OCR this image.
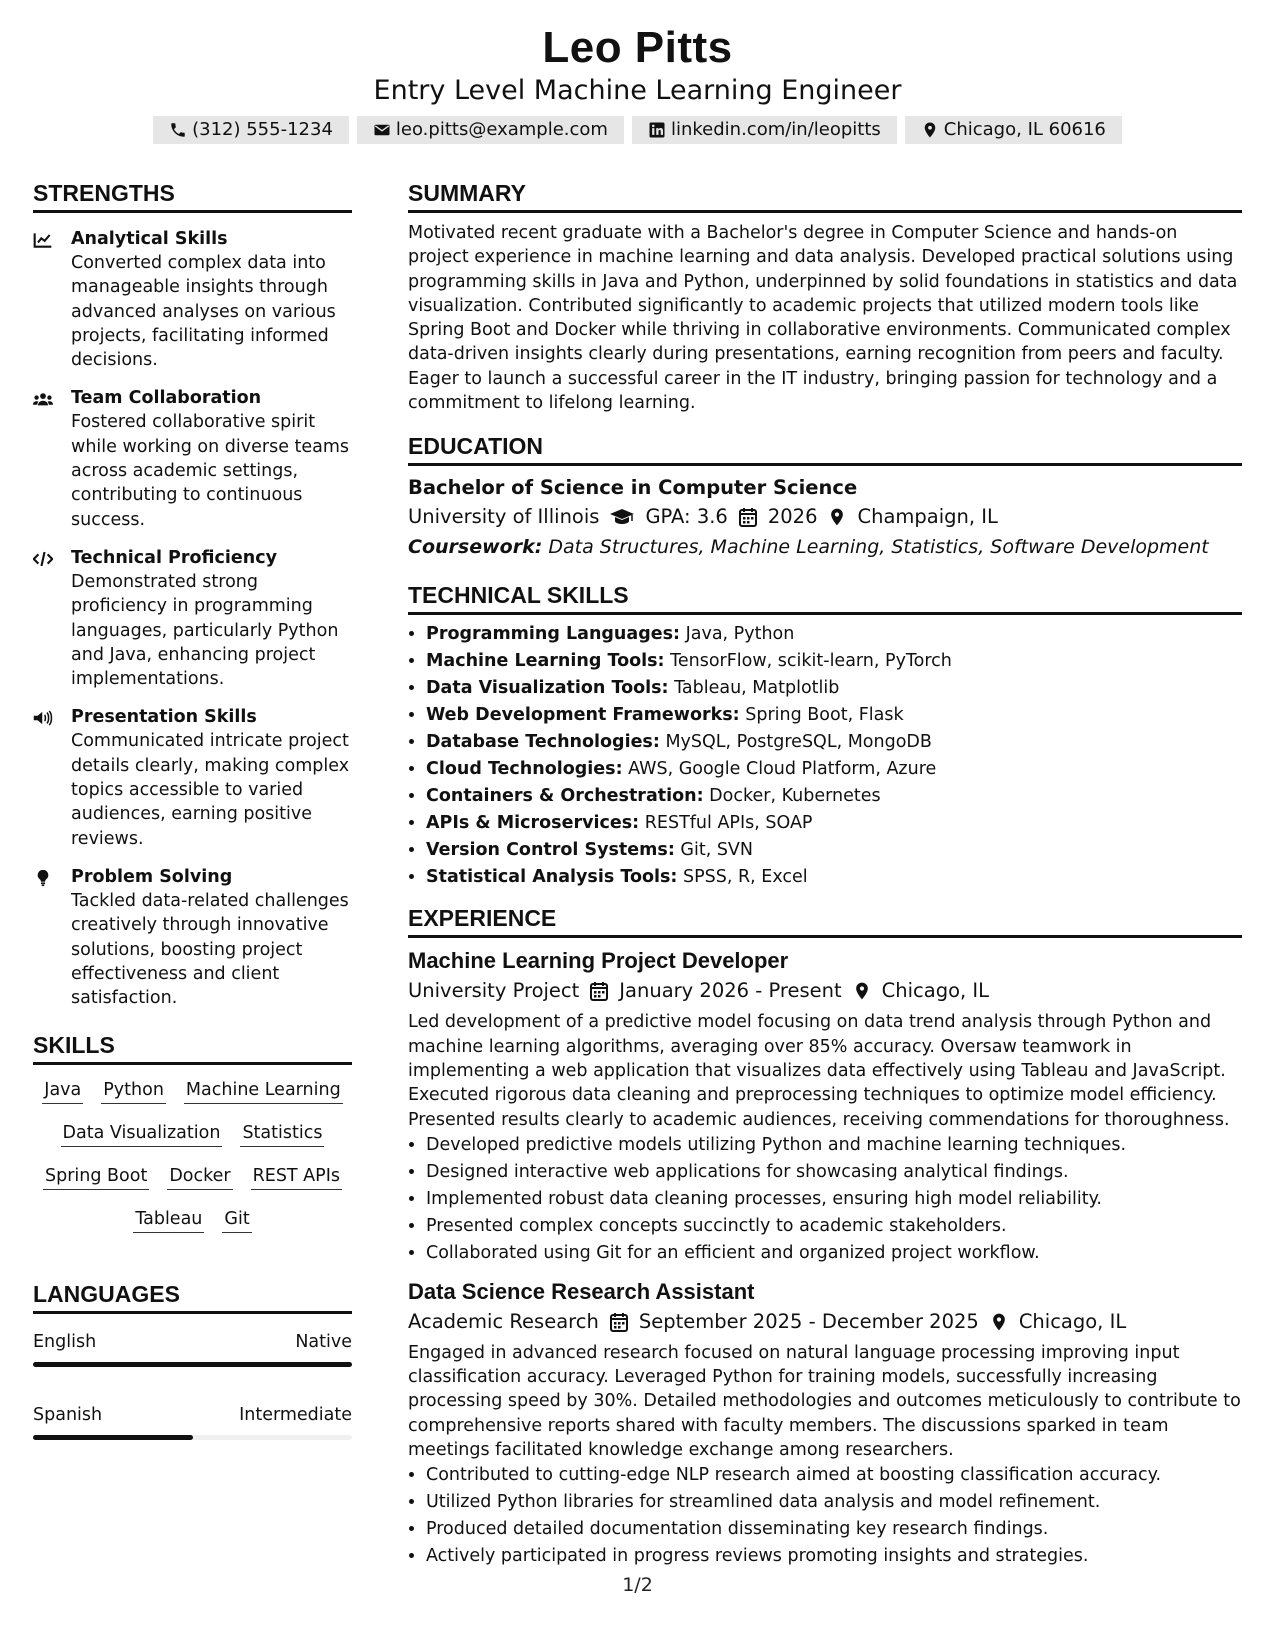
Leo Pitts
Entry Level Machine Learning Engineer
(312) 555-1234	leo.pitts@example.com	linkedin.com/in/leopitts	Chicago, IL 60616
STRENGTHS
Analytical Skills
Converted complex data into manageable insights through advanced analyses on various projects, facilitating informed decisions.
Team Collaboration
Fostered collaborative spirit while working on diverse teams across academic settings, contributing to continuous success.
Technical Proficiency
Demonstrated strong proficiency in programming languages, particularly Python and Java, enhancing project implementations.
Presentation Skills
Communicated intricate project details clearly, making complex topics accessible to varied audiences, earning positive reviews.
Problem Solving
Tackled data-related challenges creatively through innovative solutions, boosting project effectiveness and client satisfaction.
SKILLS
Java Python Machine Learning
Data Visualization Statistics
Spring Boot Docker REST APIs
Tableau Git
LANGUAGES
English	Native
Spanish	Intermediate
SUMMARY
Motivated recent graduate with a Bachelor's degree in Computer Science and hands-on project experience in machine learning and data analysis. Developed practical solutions using programming skills in Java and Python, underpinned by solid foundations in statistics and data visualization. Contributed significantly to academic projects that utilized modern tools like Spring Boot and Docker while thriving in collaborative environments. Communicated complex data-driven insights clearly during presentations, earning recognition from peers and faculty. Eager to launch a successful career in the IT industry, bringing passion for technology and a commitment to lifelong learning.
EDUCATION
Bachelor of Science in Computer Science
University of Illinois GPA: 3.6 2026 Champaign, IL
Coursework: Data Structures, Machine Learning, Statistics, Software Development
TECHNICAL SKILLS
• Programming Languages: Java, Python
• Machine Learning Tools: TensorFlow, scikit-learn, PyTorch
• Data Visualization Tools: Tableau, Matplotlib
• Web Development Frameworks: Spring Boot, Flask
• Database Technologies: MySQL, PostgreSQL, MongoDB
• Cloud Technologies: AWS, Google Cloud Platform, Azure
• Containers & Orchestration: Docker, Kubernetes
• APIs & Microservices: RESTful APIs, SOAP
• Version Control Systems: Git, SVN
• Statistical Analysis Tools: SPSS, R, Excel
EXPERIENCE
Machine Learning Project Developer
University Project January 2026 - Present Chicago, IL
Led development of a predictive model focusing on data trend analysis through Python and machine learning algorithms, averaging over 85% accuracy. Oversaw teamwork in implementing a web application that visualizes data effectively using Tableau and JavaScript. Executed rigorous data cleaning and preprocessing techniques to optimize model efficiency. Presented results clearly to academic audiences, receiving commendations for thoroughness.
• Developed predictive models utilizing Python and machine learning techniques.
• Designed interactive web applications for showcasing analytical findings.
• Implemented robust data cleaning processes, ensuring high model reliability.
• Presented complex concepts succinctly to academic stakeholders.
• Collaborated using Git for an efficient and organized project workflow.
Data Science Research Assistant
Academic Research September 2025 - December 2025 Chicago, IL
Engaged in advanced research focused on natural language processing improving input classification accuracy. Leveraged Python for training models, successfully increasing processing speed by 30%. Detailed methodologies and outcomes meticulously to contribute to comprehensive reports shared with faculty members. The discussions sparked in team meetings facilitated knowledge exchange among researchers.
• Contributed to cutting-edge NLP research aimed at boosting classification accuracy.
• Utilized Python libraries for streamlined data analysis and model refinement.
• Produced detailed documentation disseminating key research findings.
• Actively participated in progress reviews promoting insights and strategies.
1/2
